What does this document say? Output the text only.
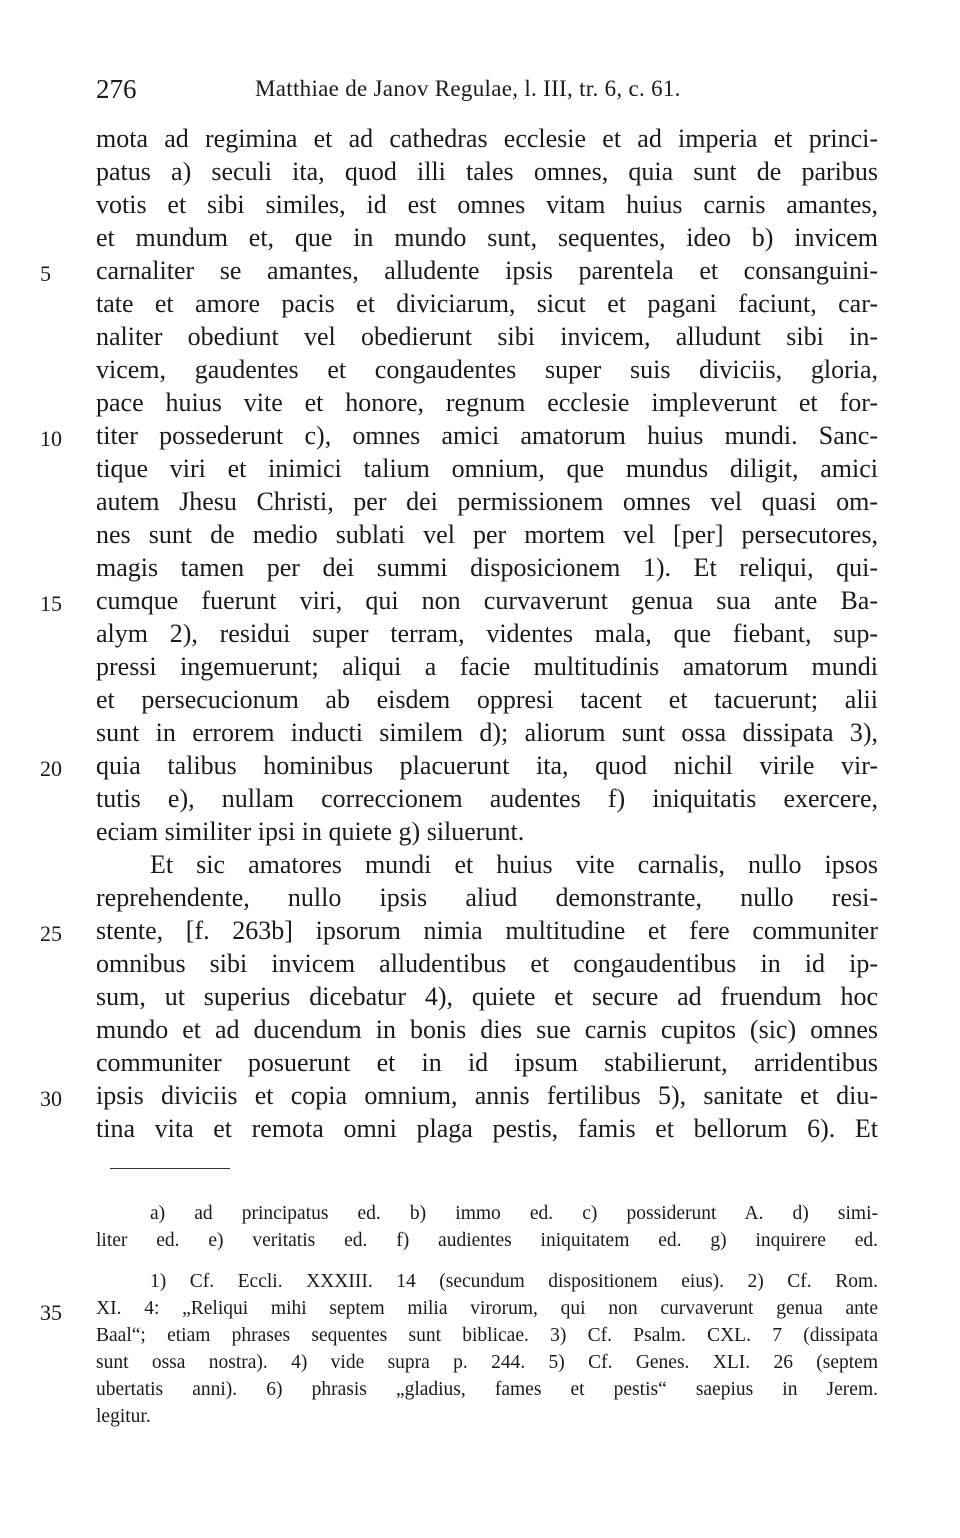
276	Matthiae de Janov Regulae, l. III, tr. 6, c. 61.
mota ad regimina et ad cathedras ecclesie et ad imperia et princi-
patus a) seculi ita, quod illi tales omnes, quia sunt de paribus
votis et sibi similes, id est omnes vitam huius carnis amantes,
et mundum et, que in mundo sunt, sequentes, ideo b) invicem
carnaliter se amantes, alludente ipsis parentela et consanguini-
tate et amore pacis et diviciarum, sicut et pagani faciunt, car-
naliter obediunt vel obedierunt sibi invicem, alludunt sibi in-
vicem, gaudentes et congaudentes super suis diviciis, gloria,
pace huius vite et honore, regnum ecclesie impleverunt et for-
titer possederunt c), omnes amici amatorum huius mundi. Sanc-
tique viri et inimici talium omnium, que mundus diligit, amici
autem Jhesu Christi, per dei permissionem omnes vel quasi om-
nes sunt de medio sublati vel per mortem vel [per] persecutores,
magis tamen per dei summi disposicionem 1). Et reliqui, qui-
cumque fuerunt viri, qui non curvaverunt genua sua ante Ba-
alym 2), residui super terram, videntes mala, que fiebant, sup-
pressi ingemuerunt; aliqui a facie multitudinis amatorum mundi
et persecucionum ab eisdem oppresi tacent et tacuerunt; alii
sunt in errorem inducti similem d); aliorum sunt ossa dissipata 3),
quia talibus hominibus placuerunt ita, quod nichil virile vir-
tutis e), nullam correccionem audentes f) iniquitatis exercere,
eciam similiter ipsi in quiete g) siluerunt.
Et sic amatores mundi et huius vite carnalis, nullo ipsos
reprehendente, nullo ipsis aliud demonstrante, nullo resi-
stente, [f. 263b] ipsorum nimia multitudine et fere communiter
omnibus sibi invicem alludentibus et congaudentibus in id ip-
sum, ut superius dicebatur 4), quiete et secure ad fruendum hoc
mundo et ad ducendum in bonis dies sue carnis cupitos (sic) omnes
communiter posuerunt et in id ipsum stabilierunt, arridentibus
ipsis diviciis et copia omnium, annis fertilibus 5), sanitate et diu-
tina vita et remota omni plaga pestis, famis et bellorum 6). Et
5
10
15
20
25
30
35
a) ad principatus ed. b) immo ed. c) possiderunt A. d) simi-
liter ed. e) veritatis ed. f) audientes iniquitatem ed. g) inquirere ed.
1) Cf. Eccli. XXXIII. 14 (secundum dispositionem eius). 2) Cf. Rom.
XI. 4: „Reliqui mihi septem milia virorum, qui non curvaverunt genua ante
Baal“; etiam phrases sequentes sunt biblicae. 3) Cf. Psalm. CXL. 7 (dissipata
sunt ossa nostra). 4) vide supra p. 244. 5) Cf. Genes. XLI. 26 (septem
ubertatis anni). 6) phrasis „gladius, fames et pestis“ saepius in Jerem.
legitur.
